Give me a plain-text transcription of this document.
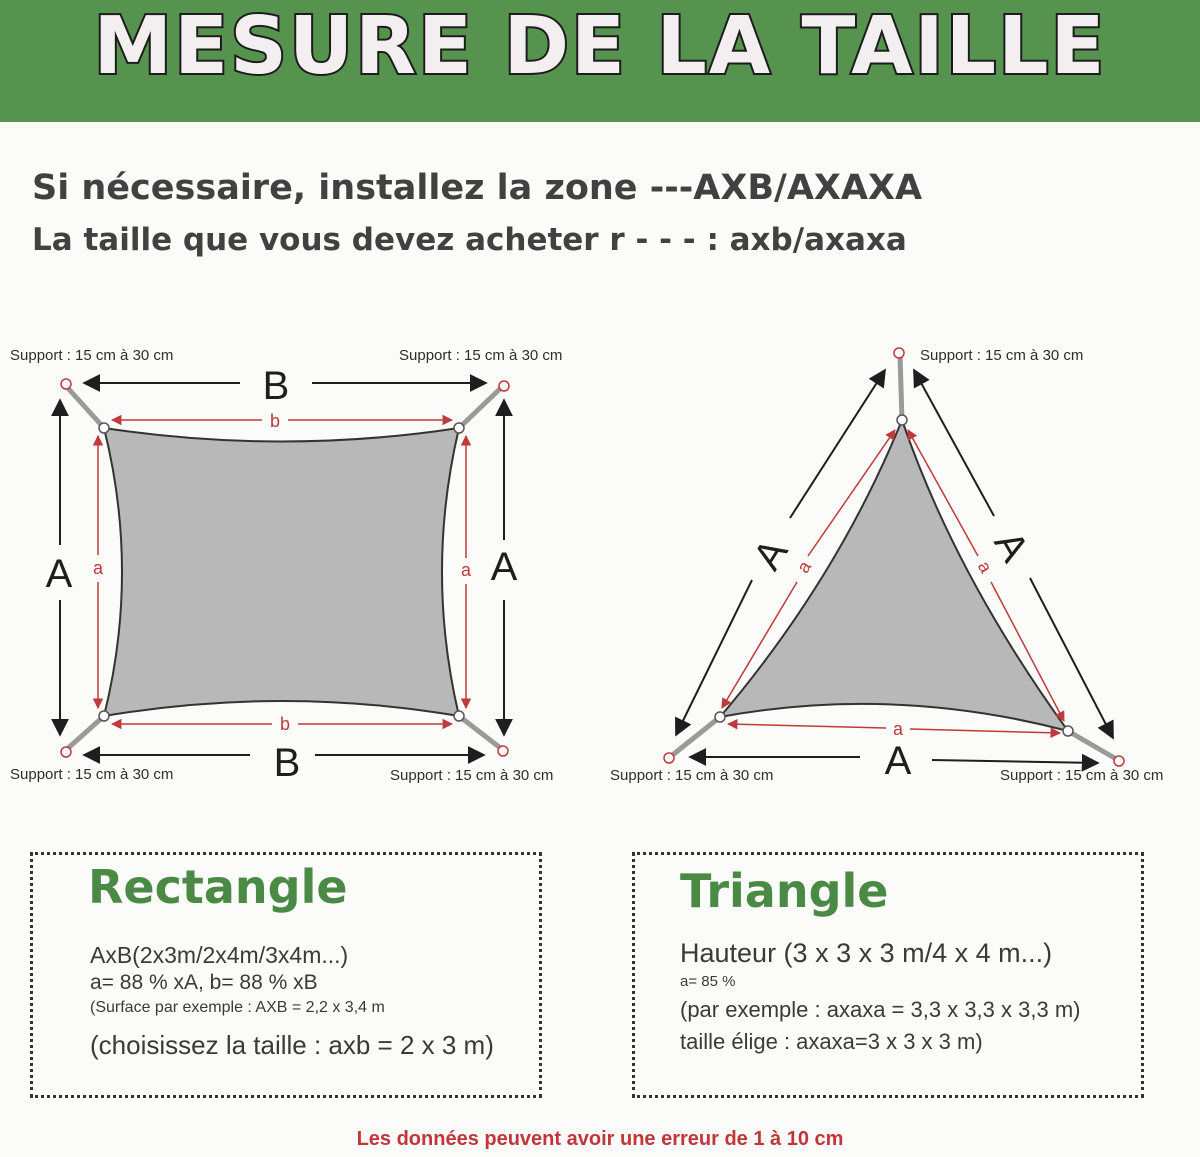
MESURE DE LA TAILLE
Si nécessaire, installez la zone ---AXB/AXAXA
La taille que vous devez acheter r - - - : axb/axaxa
B
B
A	A
b
b
a	a	A	A
A
a	a
a
Support : 15 cm à 30 cm	Support : 15 cm à 30 cm
Support : 15 cm à 30 cm	Support : 15 cm à 30 cm
Support : 15 cm à 30 cm
Support : 15 cm à 30 cm	Support : 15 cm à 30 cm
Rectangle
AxB(2x3m/2x4m/3x4m...)
a= 88 % xA, b= 88 % xB
(Surface par exemple : AXB = 2,2 x 3,4 m
(choisissez la taille : axb = 2 x 3 m)
Triangle
Hauteur (3 x 3 x 3 m/4 x 4 m...)
a= 85 %
(par exemple : axaxa = 3,3 x 3,3 x 3,3 m)
taille élige : axaxa=3 x 3 x 3 m)
Les données peuvent avoir une erreur de 1 à 10 cm
